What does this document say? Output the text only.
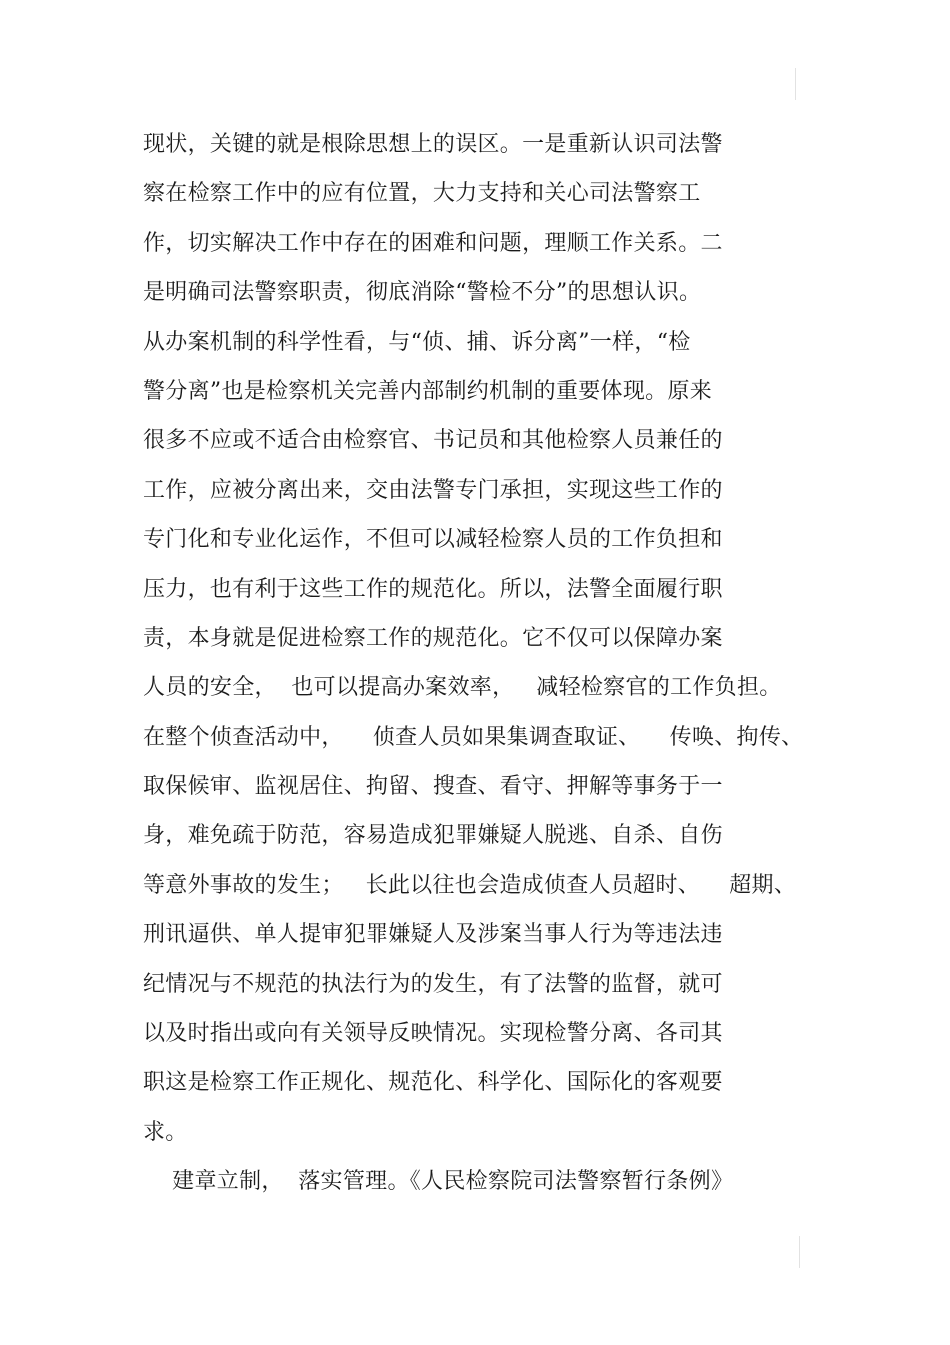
现状，关键的就是根除思想上的误区。一是重新认识司法警
察在检察工作中的应有位置，大力支持和关心司法警察工
作，切实解决工作中存在的困难和问题，理顺工作关系。二
是明确司法警察职责，彻底消除“警检不分”的思想认识。
从办案机制的科学性看，与“侦、捕、诉分离”一样，“检
警分离”也是检察机关完善内部制约机制的重要体现。原来
很多不应或不适合由检察官、书记员和其他检察人员兼任的
工作，应被分离出来，交由法警专门承担，实现这些工作的
专门化和专业化运作，不但可以减轻检察人员的工作负担和
压力，也有利于这些工作的规范化。所以，法警全面履行职
责，本身就是促进检察工作的规范化。它不仅可以保障办案
人员的安全，  也可以提高办案效率，   减轻检察官的工作负担。
在整个侦查活动中，    侦查人员如果集调查取证、    传唤、拘传、
取保候审、监视居住、拘留、搜查、看守、押解等事务于一
身，难免疏于防范，容易造成犯罪嫌疑人脱逃、自杀、自伤
等意外事故的发生；   长此以往也会造成侦查人员超时、    超期、
刑讯逼供、单人提审犯罪嫌疑人及涉案当事人行为等违法违
纪情况与不规范的执法行为的发生，有了法警的监督，就可
以及时指出或向有关领导反映情况。实现检警分离、各司其
职这是检察工作正规化、规范化、科学化、国际化的客观要
求。
建章立制，  落实管理。《人民检察院司法警察暂行条例》
